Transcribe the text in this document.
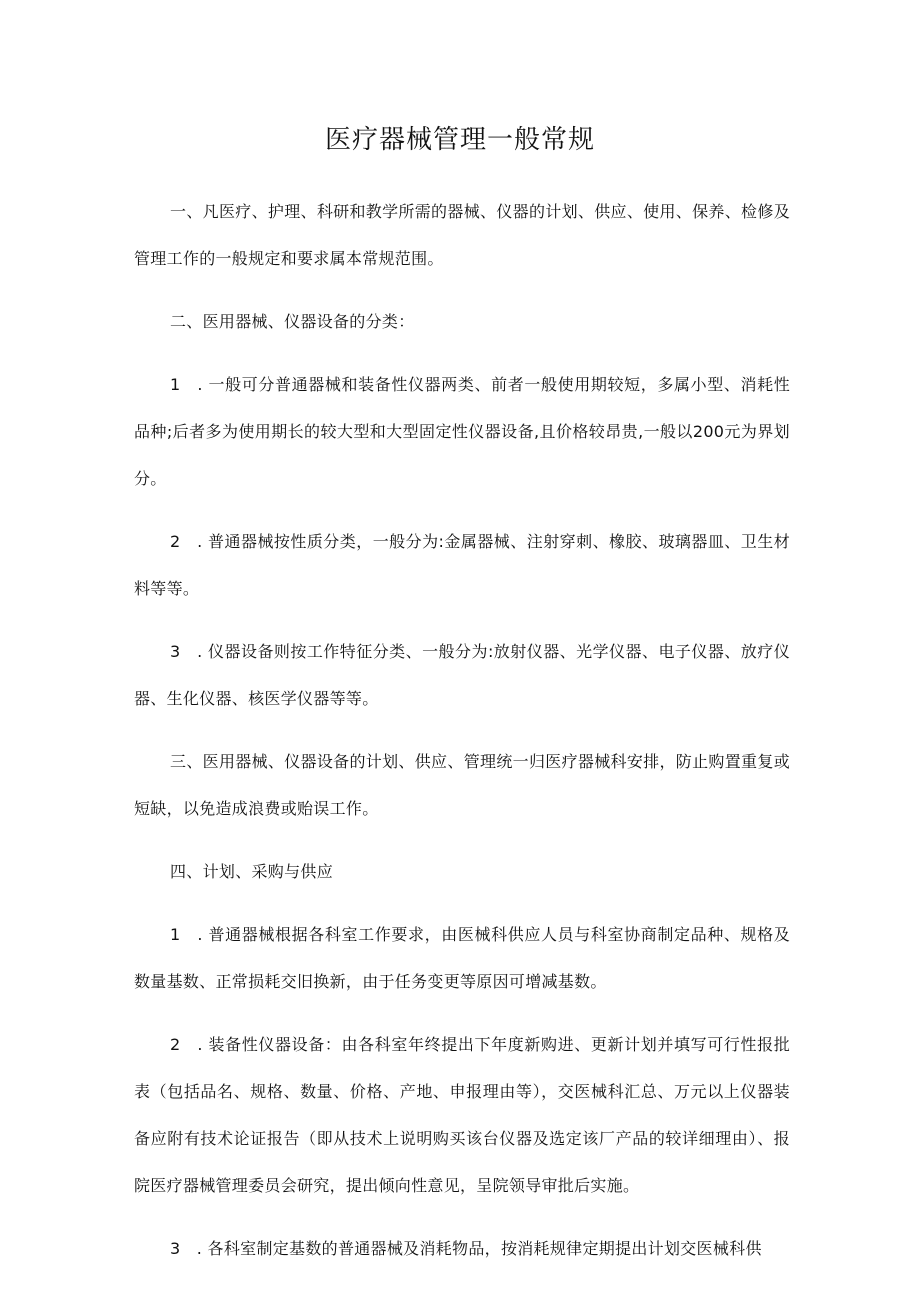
医疗器械管理一般常规

一、凡医疗、护理、科研和教学所需的器械、仪器的计划、供应、使用、保养、检修及管理工作的一般规定和要求属本常规范围。

二、医用器械、仪器设备的分类：

1　. 一般可分普通器械和装备性仪器两类、前者一般使用期较短，多属小型、消耗性品种;后者多为使用期长的较大型和大型固定性仪器设备,且价格较昂贵,一般以200元为界划分。

2　. 普通器械按性质分类，一般分为:金属器械、注射穿刺、橡胶、玻璃器皿、卫生材料等等。

3　. 仪器设备则按工作特征分类、一般分为:放射仪器、光学仪器、电子仪器、放疗仪器、生化仪器、核医学仪器等等。

三、医用器械、仪器设备的计划、供应、管理统一归医疗器械科安排，防止购置重复或短缺，以免造成浪费或贻误工作。

四、计划、采购与供应

1　. 普通器械根据各科室工作要求，由医械科供应人员与科室协商制定品种、规格及数量基数、正常损耗交旧换新，由于任务变更等原因可增减基数。

2　. 装备性仪器设备：由各科室年终提出下年度新购进、更新计划并填写可行性报批表（包括品名、规格、数量、价格、产地、申报理由等），交医械科汇总、万元以上仪器装备应附有技术论证报告（即从技术上说明购买该台仪器及选定该厂产品的较详细理由）、报院医疗器械管理委员会研究，提出倾向性意见，呈院领导审批后实施。

3　. 各科室制定基数的普通器械及消耗物品，按消耗规律定期提出计划交医械科供
